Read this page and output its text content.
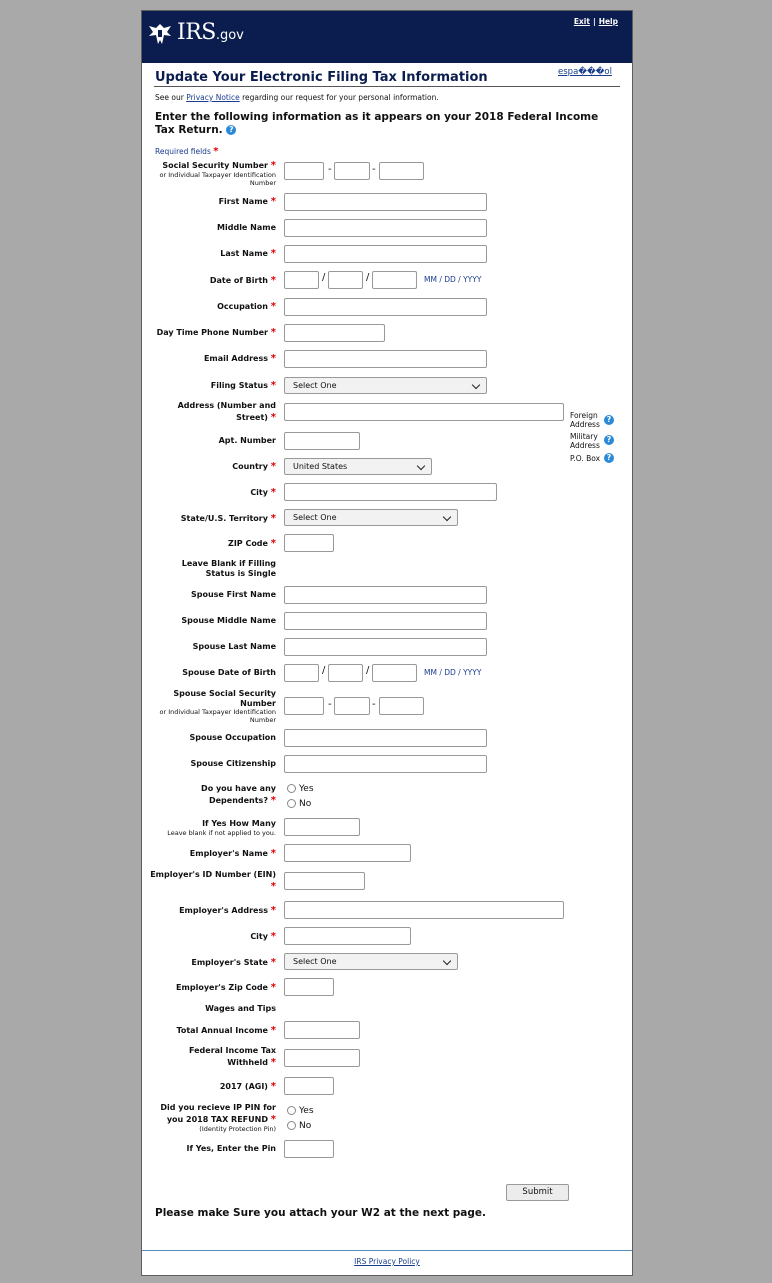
IRS.gov
Exit | Help
Update Your Electronic Filing Tax Information	espa���ol
See our Privacy Notice regarding our request for your personal information.
Enter the following information as it appears on your 2018 Federal Income Tax Return. ?
Required fields *
Social Security Number *
or Individual Taxpayer Identification Number
-	-
First Name *
Middle Name
Last Name *
Date of Birth *	/	/	MM / DD / YYYY
Occupation *
Day Time Phone Number *
Email Address *
Filing Status *	Select One
Address (Number and Street) *	Foreign Address
?
Military Address
?
P.O. Box ?
Apt. Number
Country *	United States
City *
State/U.S. Territory *	Select One
ZIP Code *
Leave Blank if Filling Status is Single
Spouse First Name
Spouse Middle Name
Spouse Last Name
Spouse Date of Birth	/	/	MM / DD / YYYY
Spouse Social Security Number
or Individual Taxpayer Identification Number
-	-
Spouse Occupation
Spouse Citizenship
Do you have any Dependents? *
Yes
No
If Yes How Many
Leave blank if not applied to you.
Employer's Name *
Employer's ID Number (EIN) *
Employer's Address *
City *
Employer's State *	Select One
Employer's Zip Code *
Wages and Tips
Total Annual Income *
Federal Income Tax Withheld *
2017 (AGI) *
Did you recieve IP PIN for you 2018 TAX REFUND *
(Identity Protection Pin)
Yes
No
If Yes, Enter the Pin
Submit
Please make Sure you attach your W2 at the next page.
IRS Privacy Policy
